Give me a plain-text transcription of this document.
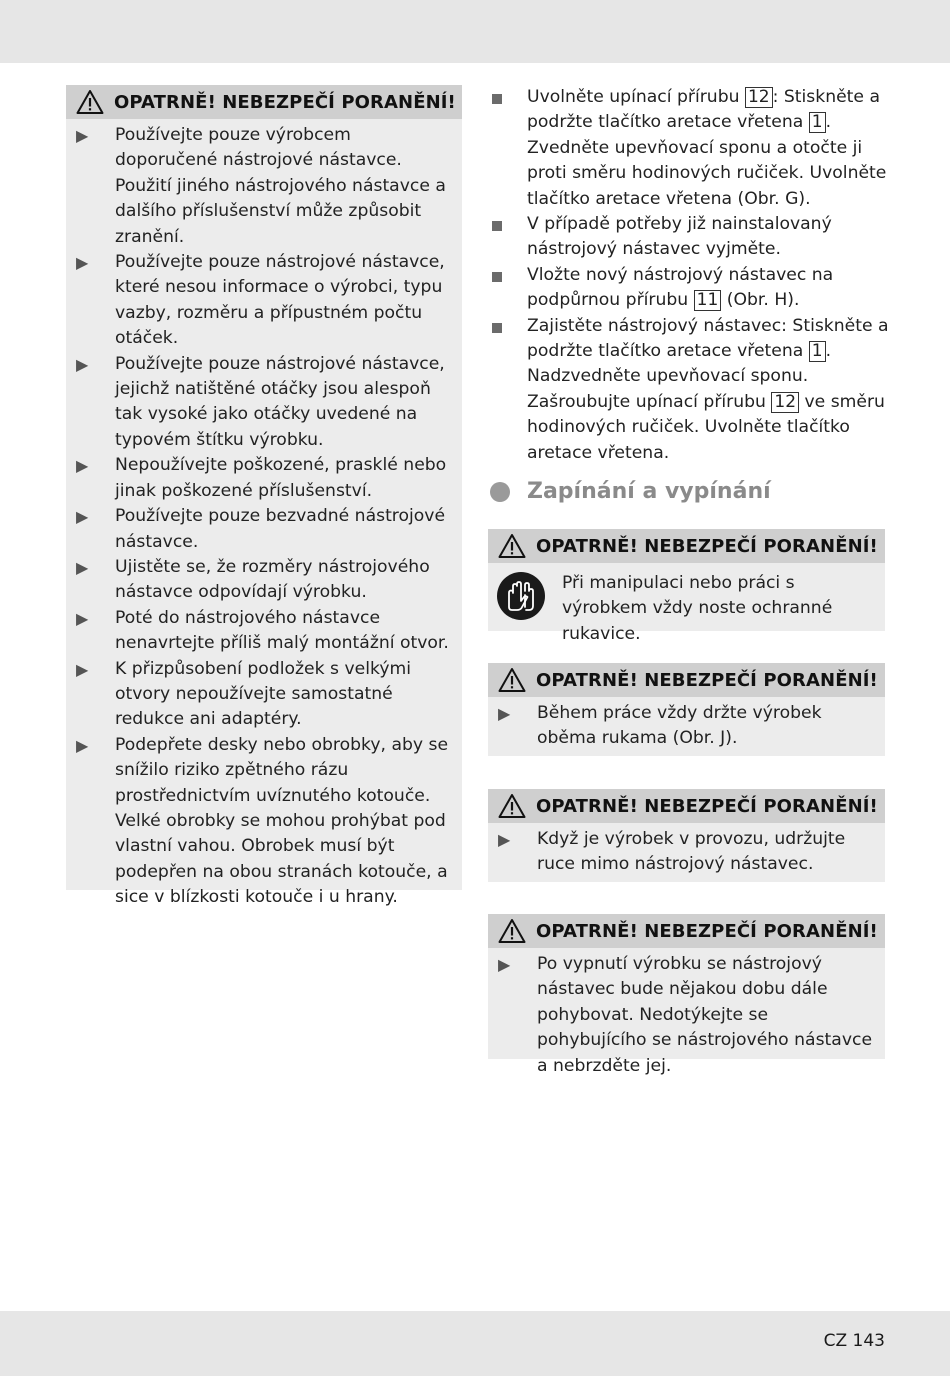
OPATRNĚ! NEBEZPEČÍ PORANĚNÍ!
▶ Používejte pouze výrobcem doporučené nástrojové nástavce. Použití jiného nástrojového nástavce a dalšího příslušenství může způsobit zranění.
▶ Používejte pouze nástrojové nástavce, které nesou informace o výrobci, typu vazby, rozměru a přípustném počtu otáček.
▶ Používejte pouze nástrojové nástavce, jejichž natištěné otáčky jsou alespoň tak vysoké jako otáčky uvedené na typovém štítku výrobku.
▶ Nepoužívejte poškozené, prasklé nebo jinak poškozené příslušenství.
▶ Používejte pouze bezvadné nástrojové nástavce.
▶ Ujistěte se, že rozměry nástrojového nástavce odpovídají výrobku.
▶ Poté do nástrojového nástavce nenavrtejte příliš malý montážní otvor.
▶ K přizpůsobení podložek s velkými otvory nepoužívejte samostatné redukce ani adaptéry.
▶ Podepřete desky nebo obrobky, aby se snížilo riziko zpětného rázu prostřednictvím uvíznutého kotouče. Velké obrobky se mohou prohýbat pod vlastní vahou. Obrobek musí být podepřen na obou stranách kotouče, a sice v blízkosti kotouče i u hrany.
Uvolněte upínací přírubu 12 : Stiskněte a podržte tlačítko aretace vřetena 1 . Zvedněte upevňovací sponu a otočte ji proti směru hodinových ručiček. Uvolněte tlačítko aretace vřetena (Obr. G).
V případě potřeby již nainstalovaný nástrojový nástavec vyjměte.
Vložte nový nástrojový nástavec na podpůrnou přírubu 11 (Obr. H).
Zajistěte nástrojový nástavec: Stiskněte a podržte tlačítko aretace vřetena 1 . Nadzvedněte upevňovací sponu. Zašroubujte upínací přírubu 12 ve směru hodinových ručiček. Uvolněte tlačítko aretace vřetena.
Zapínání a vypínání
OPATRNĚ! NEBEZPEČÍ PORANĚNÍ!
Při manipulaci nebo práci s výrobkem vždy noste ochranné rukavice.
OPATRNĚ! NEBEZPEČÍ PORANĚNÍ!
▶ Během práce vždy držte výrobek oběma rukama (Obr. J).
OPATRNĚ! NEBEZPEČÍ PORANĚNÍ!
▶ Když je výrobek v provozu, udržujte ruce mimo nástrojový nástavec.
OPATRNĚ! NEBEZPEČÍ PORANĚNÍ!
▶ Po vypnutí výrobku se nástrojový nástavec bude nějakou dobu dále pohybovat. Nedotýkejte se pohybujícího se nástrojového nástavce a nebrzděte jej.
CZ 143
